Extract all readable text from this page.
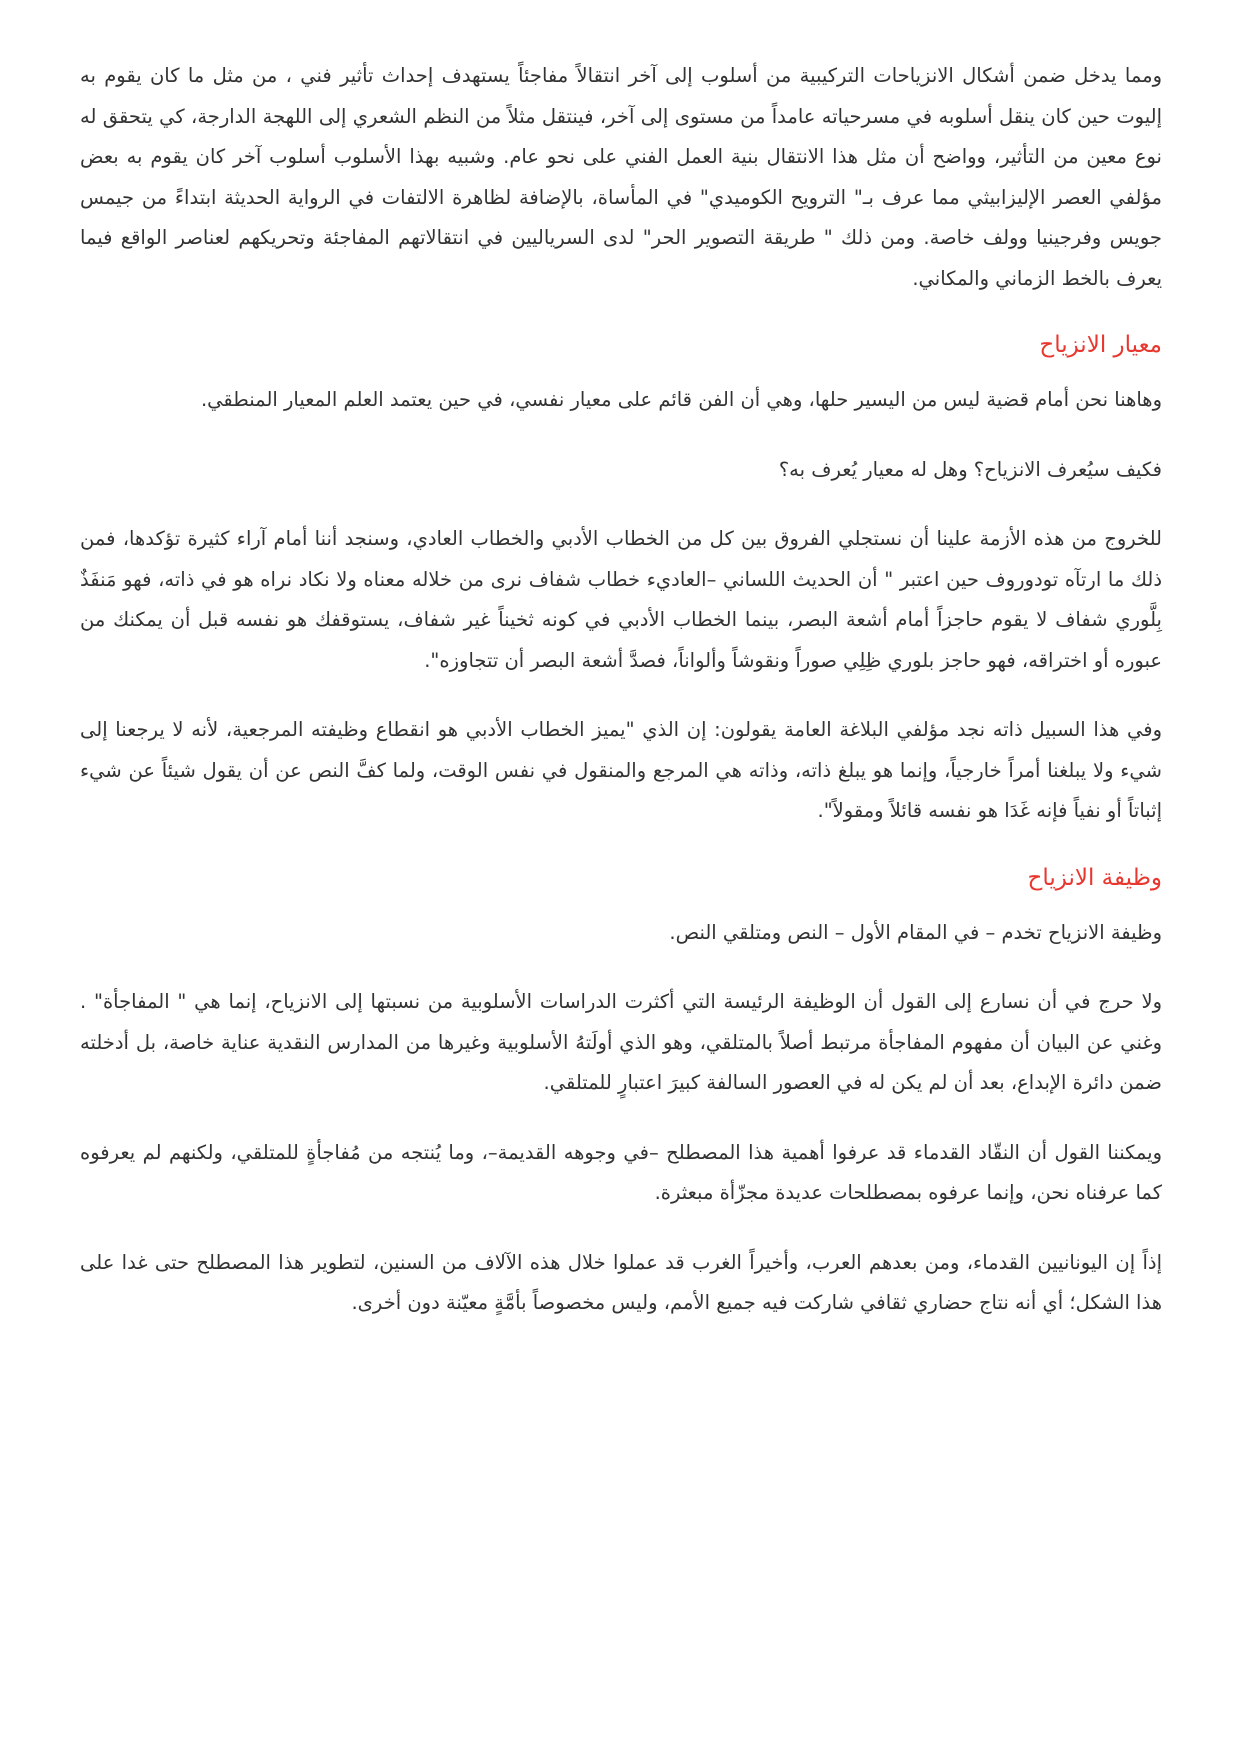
ومما يدخل ضمن أشكال الانزياحات التركيبية من أسلوب إلى آخر انتقالاً مفاجئاً يستهدف إحداث تأثير فني ، من مثل ما كان يقوم به إليوت حين كان ينقل أسلوبه في مسرحياته عامداً من مستوى إلى آخر، فينتقل مثلاً من النظم الشعري إلى اللهجة الدارجة، كي يتحقق له نوع معين من التأثير، وواضح أن مثل هذا الانتقال بنية العمل الفني على نحو عام. وشبيه بهذا الأسلوب أسلوب آخر كان يقوم به بعض مؤلفي العصر الإليزابيثي مما عرف بـ" الترويح الكوميدي" في المأساة، بالإضافة لظاهرة الالتفات في الرواية الحديثة ابتداءً من جيمس جويس وفرجينيا وولف خاصة. ومن ذلك " طريقة التصوير الحر" لدى السرياليين في انتقالاتهم المفاجئة وتحريكهم لعناصر الواقع فيما يعرف بالخط الزماني والمكاني.

معيار الانزياح

وهاهنا نحن أمام قضية ليس من اليسير حلها، وهي أن الفن قائم على معيار نفسي، في حين يعتمد العلم المعيار المنطقي.

فكيف سيُعرف الانزياح؟ وهل له معيار يُعرف به؟

للخروج من هذه الأزمة علينا أن نستجلي الفروق بين كل من الخطاب الأدبي والخطاب العادي، وسنجد أننا أمام آراء كثيرة تؤكدها، فمن ذلك ما ارتآه تودوروف حين اعتبر " أن الحديث اللساني –العاديء خطاب شفاف نرى من خلاله معناه ولا نكاد نراه هو في ذاته، فهو مَنفَذٌ بِلَّوري شفاف لا يقوم حاجزاً أمام أشعة البصر، بينما الخطاب الأدبي في كونه ثخيناً غير شفاف، يستوقفك هو نفسه قبل أن يمكنك من عبوره أو اختراقه، فهو حاجز بلوري ظِلِي صوراً ونقوشاً وألواناً، فصدَّ أشعة البصر أن تتجاوزه".

وفي هذا السبيل ذاته نجد مؤلفي البلاغة العامة يقولون: إن الذي "يميز الخطاب الأدبي هو انقطاع وظيفته المرجعية، لأنه لا يرجعنا إلى شيء ولا يبلغنا أمراً خارجياً، وإنما هو يبلغ ذاته، وذاته هي المرجع والمنقول في نفس الوقت، ولما كفَّ النص عن أن يقول شيئاً عن شيء إثباتاً أو نفياً فإنه غَدَا هو نفسه قائلاً ومقولاً".

وظيفة الانزياح

وظيفة الانزياح تخدم – في المقام الأول – النص ومتلقي النص.

ولا حرج في أن نسارع إلى القول أن الوظيفة الرئيسة التي أكثرت الدراسات الأسلوبية من نسبتها إلى الانزياح، إنما هي " المفاجأة" . وغني عن البيان أن مفهوم المفاجأة مرتبط أصلاً بالمتلقي، وهو الذي أولَتهُ الأسلوبية وغيرها من المدارس النقدية عناية خاصة، بل أدخلته ضمن دائرة الإبداع، بعد أن لم يكن له في العصور السالفة كبيرَ اعتبارٍ للمتلقي.

ويمكننا القول أن النقّاد القدماء قد عرفوا أهمية هذا المصطلح –في وجوهه القديمة–، وما يُنتجه من مُفاجأةٍ للمتلقي، ولكنهم لم يعرفوه كما عرفناه نحن، وإنما عرفوه بمصطلحات عديدة مجزّأة مبعثرة.

إذاً إن اليونانيين القدماء، ومن بعدهم العرب، وأخيراً الغرب قد عملوا خلال هذه الآلاف من السنين، لتطوير هذا المصطلح حتى غدا على هذا الشكل؛ أي أنه نتاج حضاري ثقافي شاركت فيه جميع الأمم، وليس مخصوصاً بأمَّةٍ معيّنة دون أخرى.
